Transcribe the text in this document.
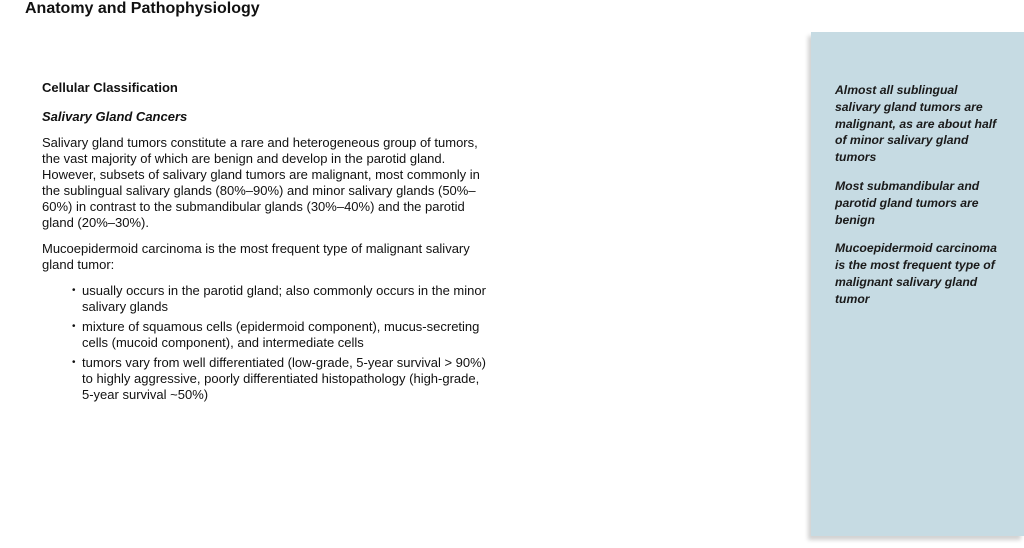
Anatomy and Pathophysiology
Cellular Classification
Salivary Gland Cancers

Salivary gland tumors constitute a rare and heterogeneous group of tumors, the vast majority of which are benign and develop in the parotid gland. However, subsets of salivary gland tumors are malignant, most commonly in the sublingual salivary glands (80%–90%) and minor salivary glands (50%–60%) in contrast to the submandibular glands (30%–40%) and the parotid gland (20%–30%).

Mucoepidermoid carcinoma is the most frequent type of malignant salivary gland tumor:

• usually occurs in the parotid gland; also commonly occurs in the minor salivary glands
• mixture of squamous cells (epidermoid component), mucus-secreting cells (mucoid component), and intermediate cells
• tumors vary from well differentiated (low-grade, 5-year survival > 90%) to highly aggressive, poorly differentiated histopathology (high-grade, 5-year survival ~50%)

Almost all sublingual salivary gland tumors are malignant, as are about half of minor salivary gland tumors

Most submandibular and parotid gland tumors are benign

Mucoepidermoid carcinoma is the most frequent type of malignant salivary gland tumor
